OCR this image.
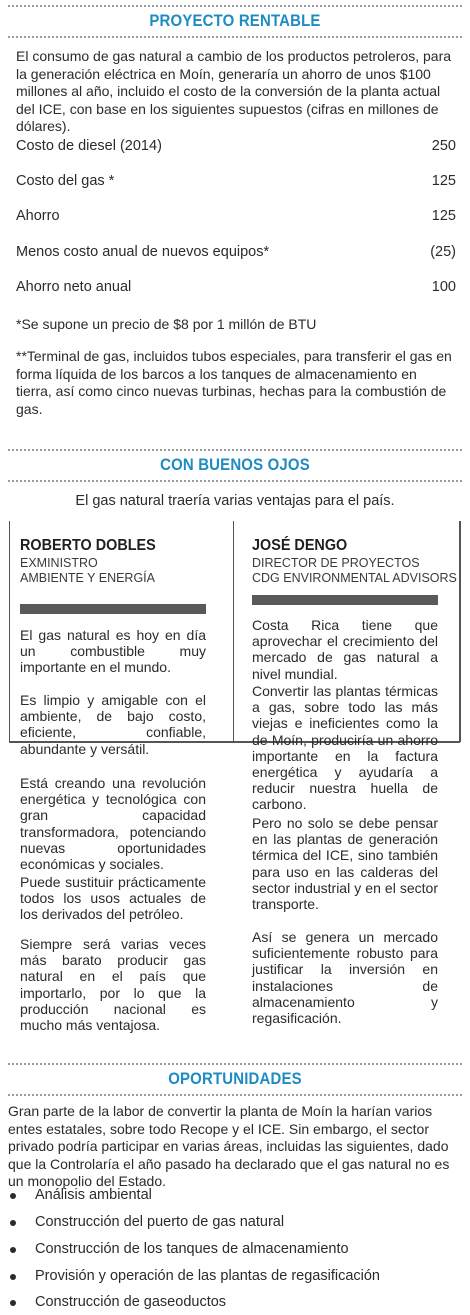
PROYECTO RENTABLE
El consumo de gas natural a cambio de los productos petroleros, para la generación eléctrica en Moín, generaría un ahorro de unos $100 millones al año, incluido el costo de la conversión de la planta actual del ICE, con base en los siguientes supuestos (cifras en millones de dólares).
Costo de diesel (2014)	250
Costo del gas *	125
Ahorro	125
Menos costo anual de nuevos equipos*	(25)
Ahorro neto anual	100
*Se supone un precio de $8 por 1 millón de BTU
**Terminal de gas, incluidos tubos especiales, para transferir el gas en forma líquida de los barcos a los tanques de almacenamiento en tierra, así como cinco nuevas turbinas, hechas para la combustión de gas.
CON BUENOS OJOS
El gas natural traería varias ventajas para el país.
ROBERTO DOBLES
EXMINISTRO
AMBIENTE Y ENERGÍA
El gas natural es hoy en día un combustible muy importante en el mundo.
Es limpio y amigable con el ambiente, de bajo costo, eficiente, confiable, abundante y versátil.
Está creando una revolución energética y tecnológica con gran capacidad transformadora, potenciando nuevas oportunidades económicas y sociales.
Puede sustituir prácticamente todos los usos actuales de los derivados del petróleo.
Siempre será varias veces más barato producir gas natural en el país que importarlo, por lo que la producción nacional es mucho más ventajosa.
JOSÉ DENGO
DIRECTOR DE PROYECTOS
CDG ENVIRONMENTAL ADVISORS
Costa Rica tiene que aprovechar el crecimiento del mercado de gas natural a nivel mundial.
Convertir las plantas térmicas a gas, sobre todo las más viejas e ineficientes como la de Moín, produciría un ahorro importante en la factura energética y ayudaría a reducir nuestra huella de carbono.
Pero no solo se debe pensar en las plantas de generación térmica del ICE, sino también para uso en las calderas del sector industrial y en el sector transporte.
Así se genera un mercado suficientemente robusto para justificar la inversión en instalaciones de almacenamiento y regasificación.
OPORTUNIDADES
Gran parte de la labor de convertir la planta de Moín la harían varios entes estatales, sobre todo Recope y el ICE. Sin embargo, el sector privado podría participar en varias áreas, incluidas las siguientes, dado que la Controlaría el año pasado ha declarado que el gas natural no es un monopolio del Estado.
Análisis ambiental
Construcción del puerto de gas natural
Construcción de los tanques de almacenamiento
Provisión y operación de las plantas de regasificación
Construcción de gaseoductos
